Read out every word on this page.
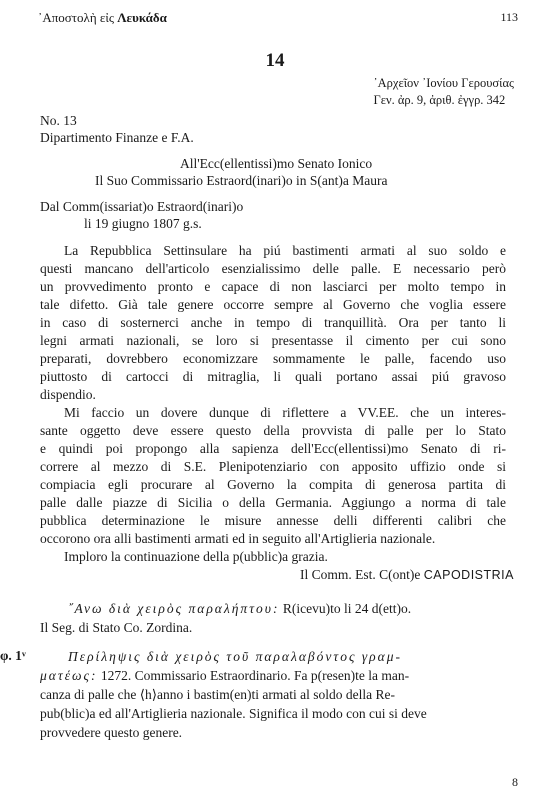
᾿Αποστολὴ εἰς Λευκάδα	113
14
᾿Αρχεῖον ᾿Ιονίου Γερουσίας
Γεν. ἀρ. 9, ἀριθ. ἐγγρ. 342
No. 13
Dipartimento Finanze e F.A.
All'Ecc(ellentissi)mo Senato Ionico
Il Suo Commissario Estraord(inari)o in S(ant)a Maura
Dal Comm(issariat)o Estraord(inari)o
li 19 giugno 1807 g.s.
La Repubblica Settinsulare ha piú bastimenti armati al suo soldo e
questi mancano dell'articolo esenzialissimo delle palle. E necessario però
un provvedimento pronto e capace di non lasciarci per molto tempo in
tale difetto. Già tale genere occorre sempre al Governo che voglia essere
in caso di sosternerci anche in tempo di tranquillità. Ora per tanto li
legni armati nazionali, se loro si presentasse il cimento per cui sono
preparati, dovrebbero economizzare sommamente le palle, facendo uso
piuttosto di cartocci di mitraglia, li quali portano assai piú gravoso
dispendio.
Mi faccio un dovere dunque di riflettere a VV.EE. che un interes-
sante oggetto deve essere questo della provvista di palle per lo Stato
e quindi poi propongo alla sapienza dell'Ecc(ellentissi)mo Senato di ri-
correre al mezzo di S.E. Plenipotenziario con apposito uffizio onde si
compiacia egli procurare al Governo la compita di generosa partita di
palle dalle piazze di Sicilia o della Germania. Aggiungo a norma di tale
pubblica determinazione le misure annesse delli differenti calibri che
occorono ora alli bastimenti armati ed in seguito all'Artiglieria nazionale.
Imploro la continuazione della p(ubblic)a grazia.
Il Comm. Est. C(ont)e CAPODISTRIA
῎Ανω διὰ χειρὸς παραλήπτου: R(icevu)to li 24 d(ett)o.
Il Seg. di Stato Co. Zordina.
φ. 1ᵛ	Περίληψις διὰ χειρὸς τοῦ παραλαβόντος γραμ-
ματέως: 1272. Commissario Estraordinario. Fa p(resen)te la man-
canza di palle che ⟨h⟩anno i bastim(en)ti armati al soldo della Re-
pub(blic)a ed all'Artiglieria nazionale. Significa il modo con cui si deve
provvedere questo genere.
8
